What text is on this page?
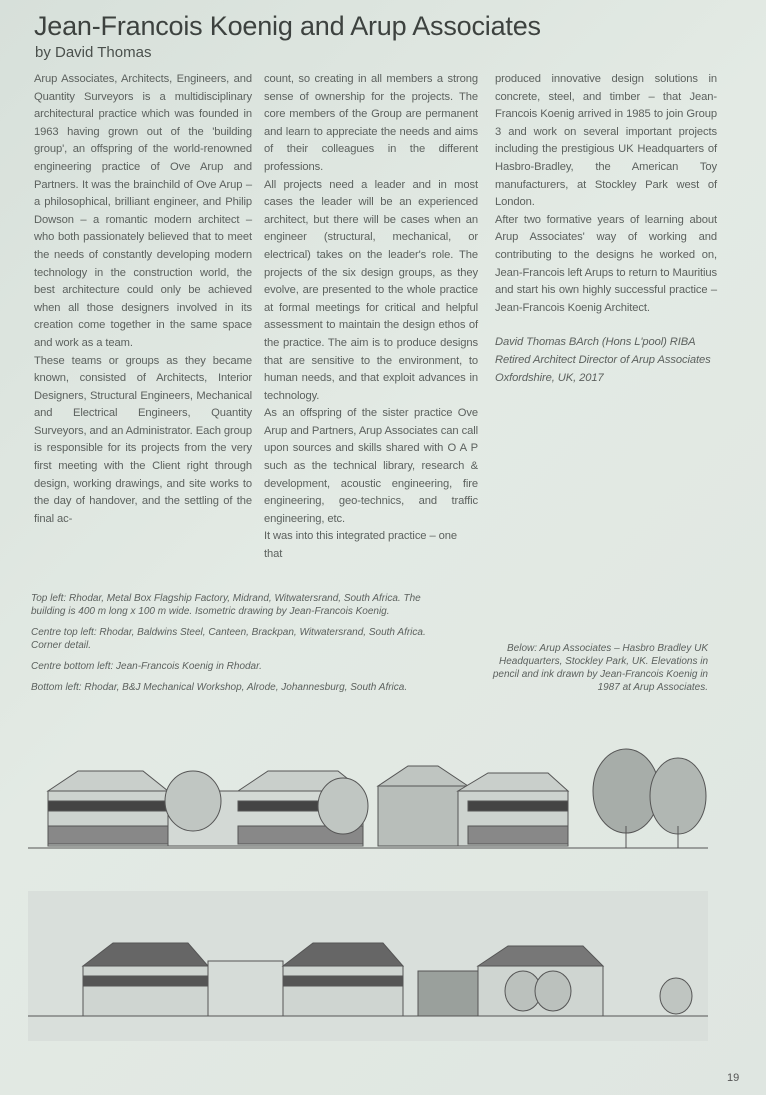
Jean-Francois Koenig and Arup Associates
by David Thomas

Arup Associates, Architects, Engineers, and Quantity Surveyors is a multidisciplinary architectural practice which was founded in 1963 having grown out of the 'building group', an offspring of the world-renowned engineering practice of Ove Arup and Partners. It was the brainchild of Ove Arup – a philosophical, brilliant engineer, and Philip Dowson – a romantic modern architect – who both passionately believed that to meet the needs of constantly developing modern technology in the construction world, the best architecture could only be achieved when all those designers involved in its creation come together in the same space and work as a team.

These teams or groups as they became known, consisted of Architects, Interior Designers, Structural Engineers, Mechanical and Electrical Engineers, Quantity Surveyors, and an Administrator. Each group is responsible for its projects from the very first meeting with the Client right through design, working drawings, and site works to the day of handover, and the settling of the final ac-

count, so creating in all members a strong sense of ownership for the projects. The core members of the Group are permanent and learn to appreciate the needs and aims of their colleagues in the different professions.

All projects need a leader and in most cases the leader will be an experienced architect, but there will be cases when an engineer (structural, mechanical, or electrical) takes on the leader's role. The projects of the six design groups, as they evolve, are presented to the whole practice at formal meetings for critical and helpful assessment to maintain the design ethos of the practice. The aim is to produce designs that are sensitive to the environment, to human needs, and that exploit advances in technology.

As an offspring of the sister practice Ove Arup and Partners, Arup Associates can call upon sources and skills shared with O A P such as the technical library, research & development, acoustic engineering, fire engineering, geo-technics, and traffic engineering, etc.

It was into this integrated practice – one that

produced innovative design solutions in concrete, steel, and timber – that Jean-Francois Koenig arrived in 1985 to join Group 3 and work on several important projects including the prestigious UK Headquarters of Hasbro-Bradley, the American Toy manufacturers, at Stockley Park west of London.

After two formative years of learning about Arup Associates' way of working and contributing to the designs he worked on, Jean-Francois left Arups to return to Mauritius and start his own highly successful practice – Jean-Francois Koenig Architect.

David Thomas BArch (Hons L'pool) RIBA
Retired Architect Director of Arup Associates
Oxfordshire, UK, 2017

Top left: Rhodar, Metal Box Flagship Factory, Midrand, Witwatersrand, South Africa. The building is 400 m long x 100 m wide. Isometric drawing by Jean-Francois Koenig.

Centre top left: Rhodar, Baldwins Steel, Canteen, Brackpan, Witwatersrand, South Africa. Corner detail.

Centre bottom left: Jean-Francois Koenig in Rhodar.

Bottom left: Rhodar, B&J Mechanical Workshop, Alrode, Johannesburg, South Africa.

Below: Arup Associates – Hasbro Bradley UK Headquarters, Stockley Park, UK. Elevations in pencil and ink drawn by Jean-Francois Koenig in 1987 at Arup Associates.
19
